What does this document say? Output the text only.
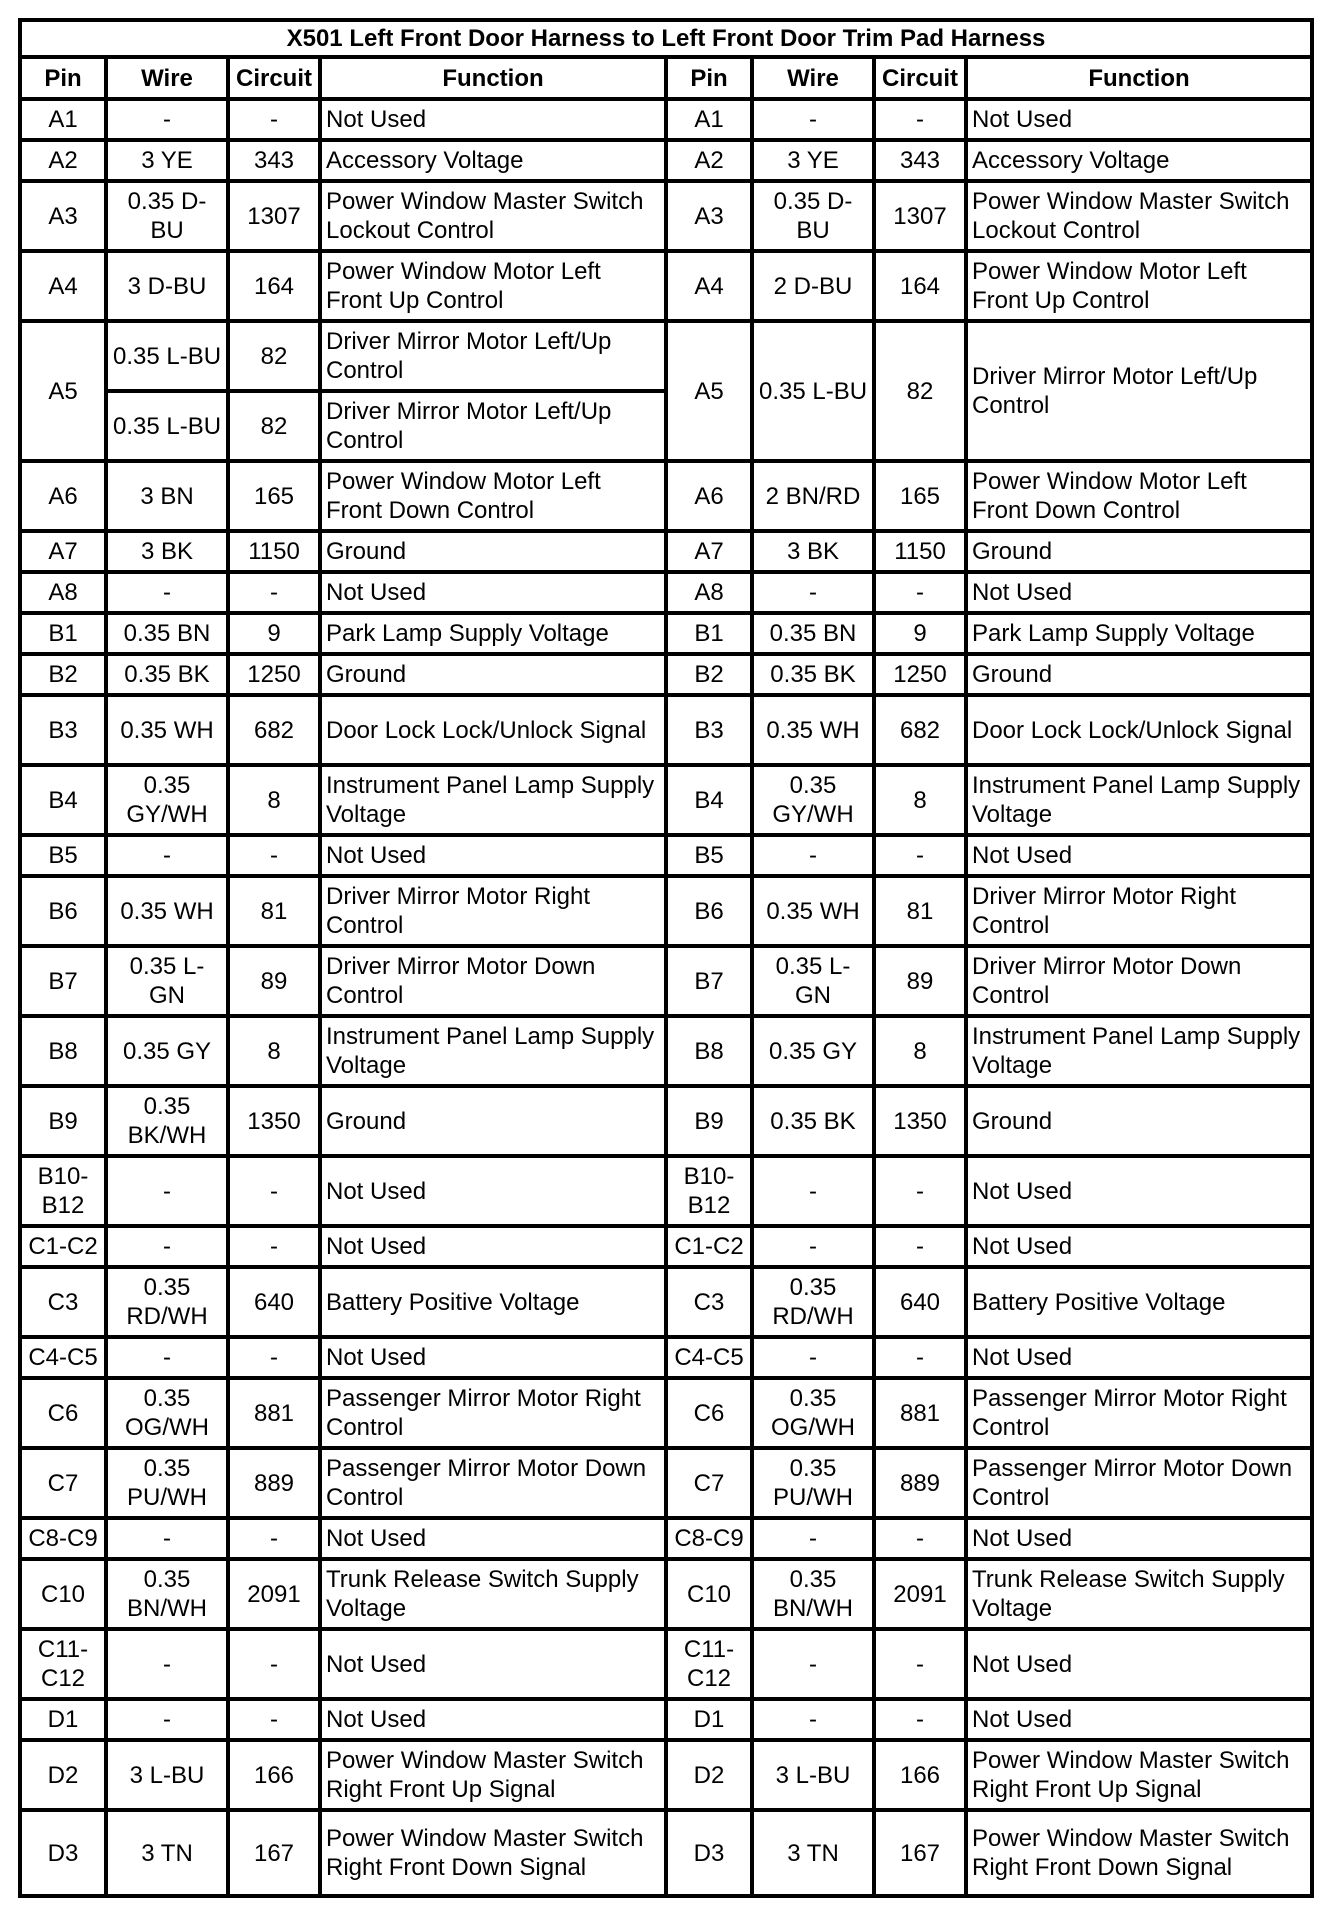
X501 Left Front Door Harness to Left Front Door Trim Pad Harness							
Pin	Wire	Circuit	Function	Pin	Wire	Circuit	Function
A1	-	-	Not Used	A1	-	-	Not Used
A2	3 YE	343	Accessory Voltage	A2	3 YE	343	Accessory Voltage
A3	0.35 D-BU	1307	Power Window Master Switch Lockout Control	A3	0.35 D-BU	1307	Power Window Master Switch Lockout Control
A4	3 D-BU	164	Power Window Motor Left Front Up Control	A4	2 D-BU	164	Power Window Motor Left Front Up Control
A5	0.35 L-BU	82	Driver Mirror Motor Left/Up Control	A5	0.35 L-BU	82	Driver Mirror Motor Left/Up Control
	0.35 L-BU	82	Driver Mirror Motor Left/Up Control				
A6	3 BN	165	Power Window Motor Left Front Down Control	A6	2 BN/RD	165	Power Window Motor Left Front Down Control
A7	3 BK	1150	Ground	A7	3 BK	1150	Ground
A8	-	-	Not Used	A8	-	-	Not Used
B1	0.35 BN	9	Park Lamp Supply Voltage	B1	0.35 BN	9	Park Lamp Supply Voltage
B2	0.35 BK	1250	Ground	B2	0.35 BK	1250	Ground
B3	0.35 WH	682	Door Lock Lock/Unlock Signal	B3	0.35 WH	682	Door Lock Lock/Unlock Signal
B4	0.35 GY/WH	8	Instrument Panel Lamp Supply Voltage	B4	0.35 GY/WH	8	Instrument Panel Lamp Supply Voltage
B5	-	-	Not Used	B5	-	-	Not Used
B6	0.35 WH	81	Driver Mirror Motor Right Control	B6	0.35 WH	81	Driver Mirror Motor Right Control
B7	0.35 L-GN	89	Driver Mirror Motor Down Control	B7	0.35 L-GN	89	Driver Mirror Motor Down Control
B8	0.35 GY	8	Instrument Panel Lamp Supply Voltage	B8	0.35 GY	8	Instrument Panel Lamp Supply Voltage
B9	0.35 BK/WH	1350	Ground	B9	0.35 BK	1350	Ground
B10-B12	-	-	Not Used	B10-B12	-	-	Not Used
C1-C2	-	-	Not Used	C1-C2	-	-	Not Used
C3	0.35 RD/WH	640	Battery Positive Voltage	C3	0.35 RD/WH	640	Battery Positive Voltage
C4-C5	-	-	Not Used	C4-C5	-	-	Not Used
C6	0.35 OG/WH	881	Passenger Mirror Motor Right Control	C6	0.35 OG/WH	881	Passenger Mirror Motor Right Control
C7	0.35 PU/WH	889	Passenger Mirror Motor Down Control	C7	0.35 PU/WH	889	Passenger Mirror Motor Down Control
C8-C9	-	-	Not Used	C8-C9	-	-	Not Used
C10	0.35 BN/WH	2091	Trunk Release Switch Supply Voltage	C10	0.35 BN/WH	2091	Trunk Release Switch Supply Voltage
C11-C12	-	-	Not Used	C11-C12	-	-	Not Used
D1	-	-	Not Used	D1	-	-	Not Used
D2	3 L-BU	166	Power Window Master Switch Right Front Up Signal	D2	3 L-BU	166	Power Window Master Switch Right Front Up Signal
D3	3 TN	167	Power Window Master Switch Right Front Down Signal	D3	3 TN	167	Power Window Master Switch Right Front Down Signal
